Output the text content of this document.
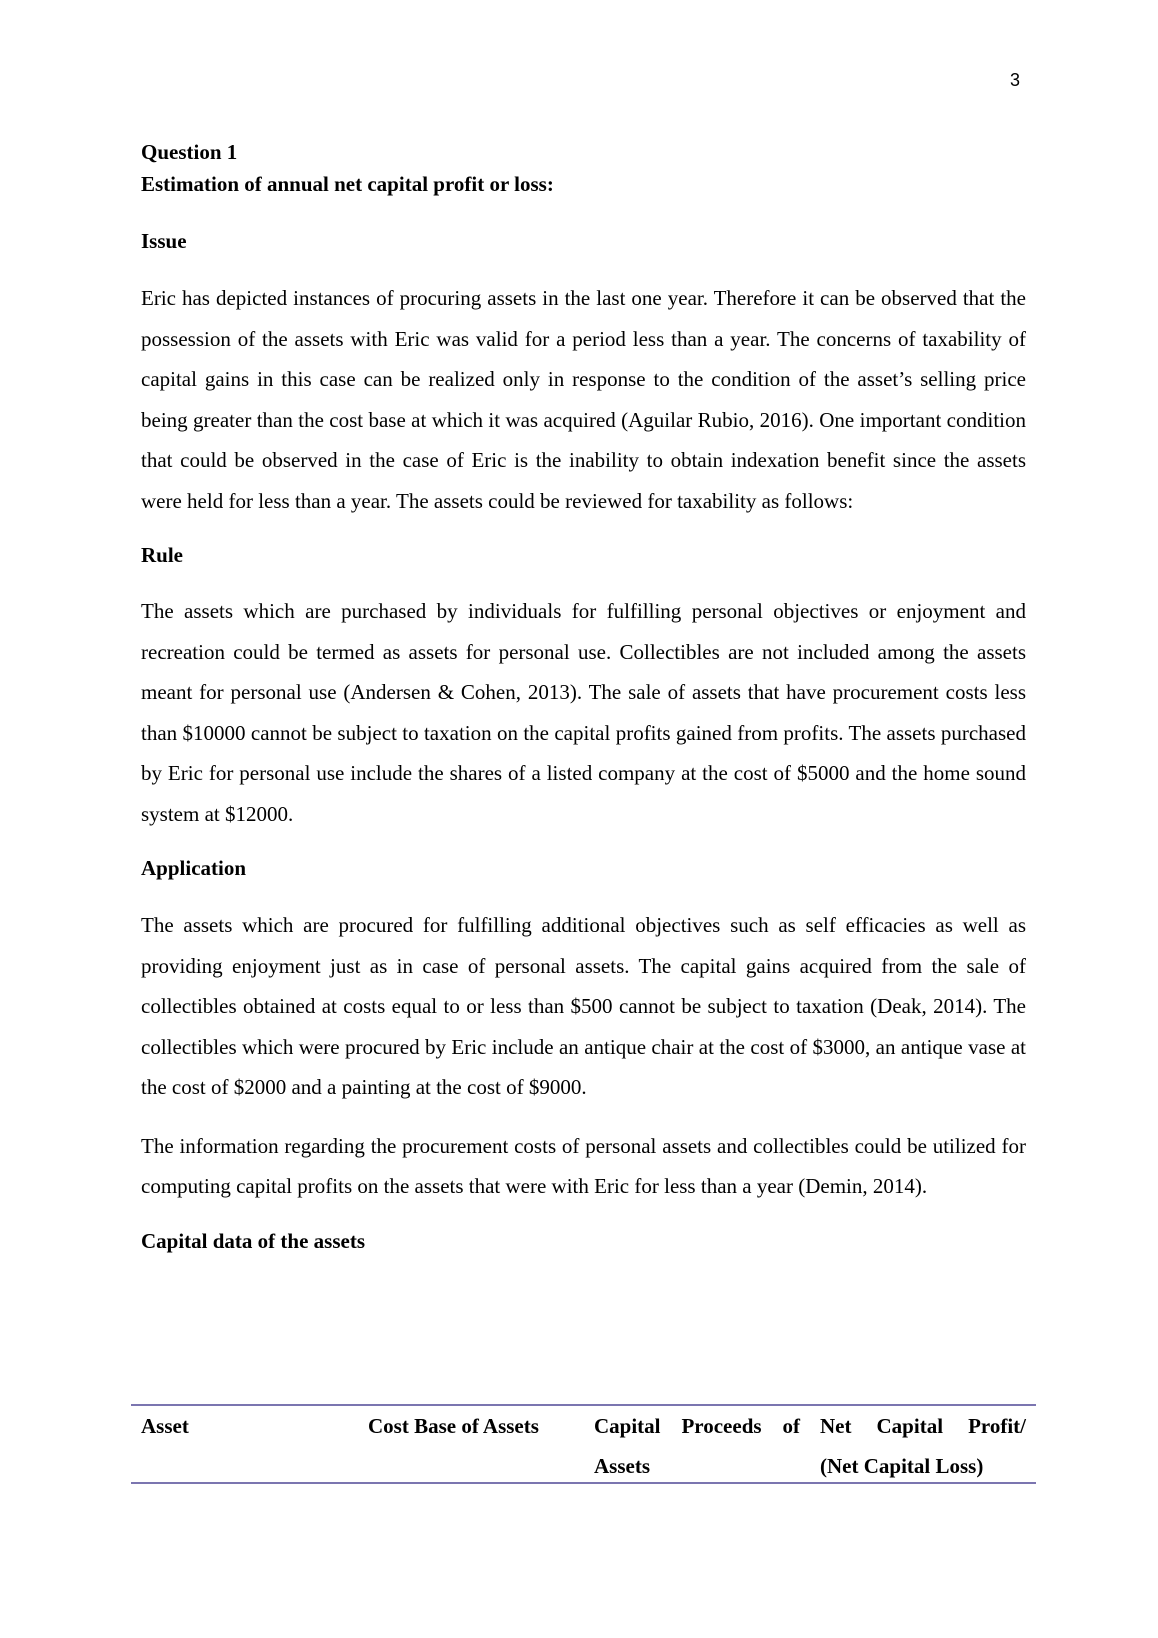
3

Question 1

Estimation of annual net capital profit or loss:

Issue

Eric has depicted instances of procuring assets in the last one year. Therefore it can be observed that the possession of the assets with Eric was valid for a period less than a year. The concerns of taxability of capital gains in this case can be realized only in response to the condition of the asset’s selling price being greater than the cost base at which it was acquired (Aguilar Rubio, 2016). One important condition that could be observed in the case of Eric is the inability to obtain indexation benefit since the assets were held for less than a year. The assets could be reviewed for taxability as follows:

Rule

The assets which are purchased by individuals for fulfilling personal objectives or enjoyment and recreation could be termed as assets for personal use. Collectibles are not included among the assets meant for personal use (Andersen & Cohen, 2013). The sale of assets that have procurement costs less than $10000 cannot be subject to taxation on the capital profits gained from profits. The assets purchased by Eric for personal use include the shares of a listed company at the cost of $5000 and the home sound system at $12000.

Application

The assets which are procured for fulfilling additional objectives such as self efficacies as well as providing enjoyment just as in case of personal assets. The capital gains acquired from the sale of collectibles obtained at costs equal to or less than $500 cannot be subject to taxation (Deak, 2014). The collectibles which were procured by Eric include an antique chair at the cost of $3000, an antique vase at the cost of $2000 and a painting at the cost of $9000.

The information regarding the procurement costs of personal assets and collectibles could be utilized for computing capital profits on the assets that were with Eric for less than a year (Demin, 2014).

Capital data of the assets

Asset	Cost Base of Assets	Capital Proceeds of Assets
Net Capital Profit/ (Net Capital Loss)
